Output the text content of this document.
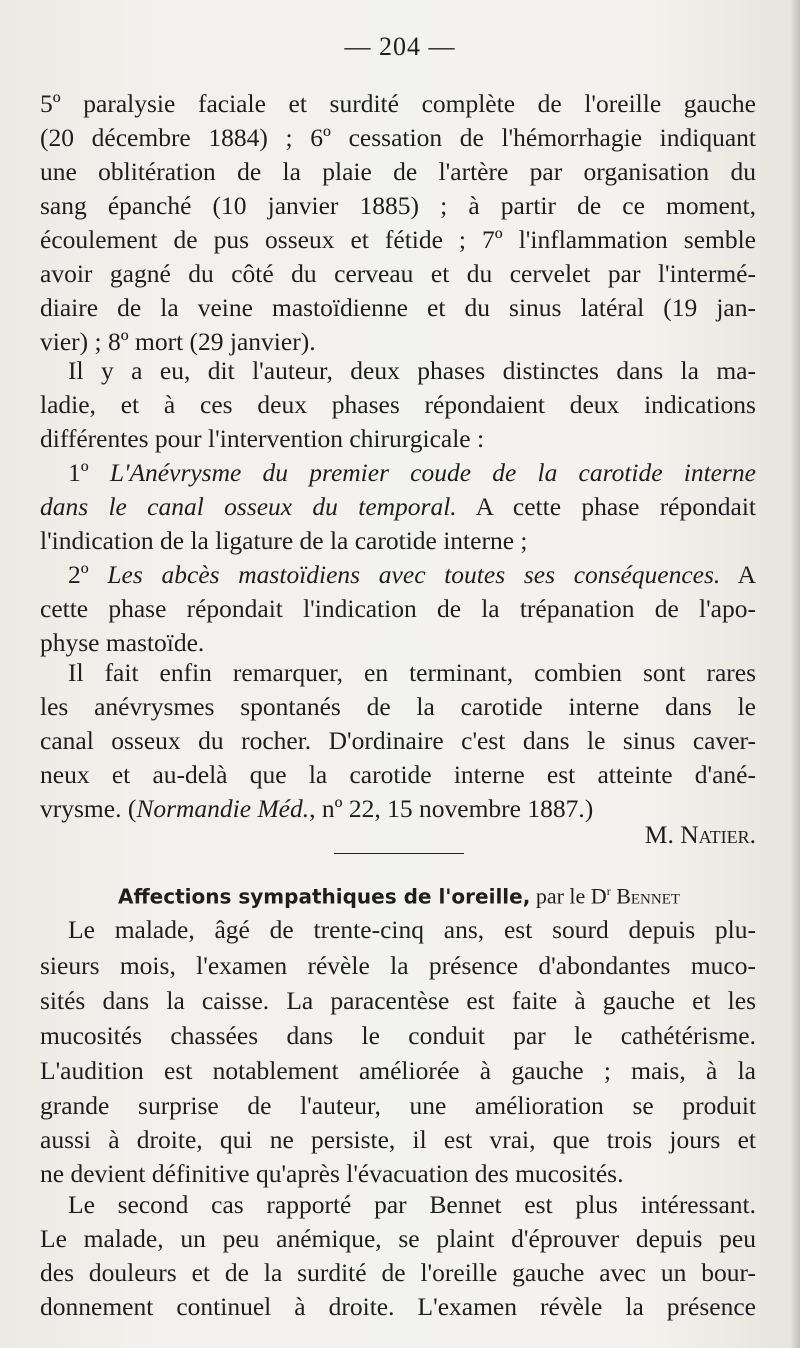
— 204 —
5º paralysie faciale et surdité complète de l'oreille gauche
(20 décembre 1884) ; 6º cessation de l'hémorrhagie indiquant
une oblitération de la plaie de l'artère par organisation du
sang épanché (10 janvier 1885) ; à partir de ce moment,
écoulement de pus osseux et fétide ; 7º l'inflammation semble
avoir gagné du côté du cerveau et du cervelet par l'intermé-
diaire de la veine mastoïdienne et du sinus latéral (19 jan-
vier) ; 8º mort (29 janvier).
Il y a eu, dit l'auteur, deux phases distinctes dans la ma-
ladie, et à ces deux phases répondaient deux indications
différentes pour l'intervention chirurgicale :
1º L'Anévrysme du premier coude de la carotide interne
dans le canal osseux du temporal. A cette phase répondait
l'indication de la ligature de la carotide interne ;
2º Les abcès mastoïdiens avec toutes ses conséquences. A
cette phase répondait l'indication de la trépanation de l'apo-
physe mastoïde.
Il fait enfin remarquer, en terminant, combien sont rares
les anévrysmes spontanés de la carotide interne dans le
canal osseux du rocher. D'ordinaire c'est dans le sinus caver-
neux et au-delà que la carotide interne est atteinte d'ané-
vrysme. (Normandie Méd., nº 22, 15 novembre 1887.)
M. Natier.
Affections sympathiques de l'oreille, par le $D^r$ Bennet
Le malade, âgé de trente-cinq ans, est sourd depuis plu-
sieurs mois, l'examen révèle la présence d'abondantes muco-
sités dans la caisse. La paracentèse est faite à gauche et les
mucosités chassées dans le conduit par le cathétérisme.
L'audition est notablement améliorée à gauche ; mais, à la
grande surprise de l'auteur, une amélioration se produit
aussi à droite, qui ne persiste, il est vrai, que trois jours et
ne devient définitive qu'après l'évacuation des mucosités.
Le second cas rapporté par Bennet est plus intéressant.
Le malade, un peu anémique, se plaint d'éprouver depuis peu
des douleurs et de la surdité de l'oreille gauche avec un bour-
donnement continuel à droite. L'examen révèle la présence
